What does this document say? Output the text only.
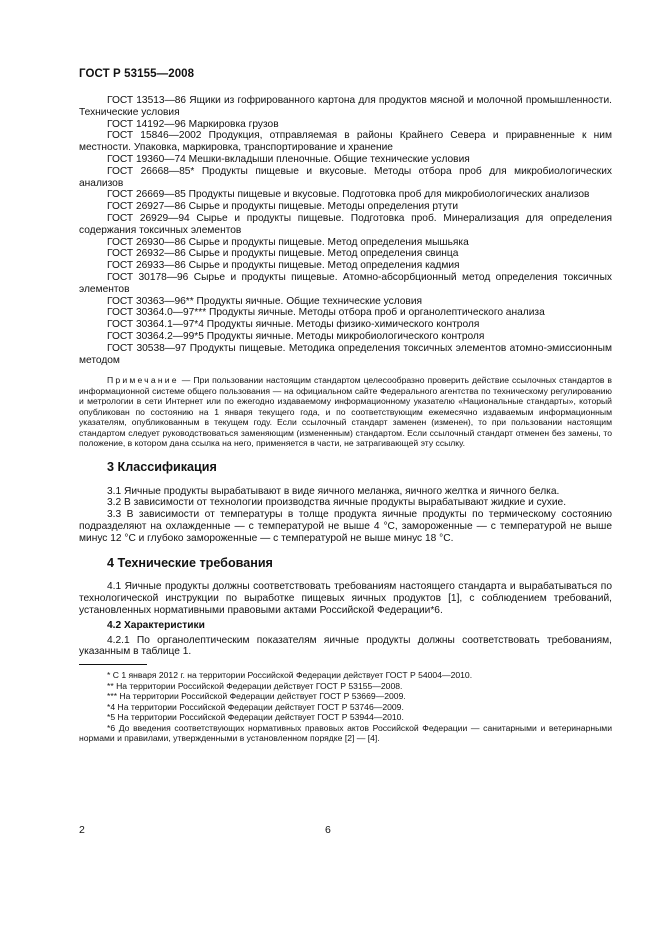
ГОСТ Р 53155—2008

ГОСТ 13513—86 Ящики из гофрированного картона для продуктов мясной и молочной промышленности. Технические условия

ГОСТ 14192—96 Маркировка грузов

ГОСТ 15846—2002 Продукция, отправляемая в районы Крайнего Севера и приравненные к ним местности. Упаковка, маркировка, транспортирование и хранение

ГОСТ 19360—74 Мешки-вкладыши пленочные. Общие технические условия

ГОСТ 26668—85* Продукты пищевые и вкусовые. Методы отбора проб для микробиологических анализов

ГОСТ 26669—85 Продукты пищевые и вкусовые. Подготовка проб для микробиологических анализов

ГОСТ 26927—86 Сырье и продукты пищевые. Методы определения ртути

ГОСТ 26929—94 Сырье и продукты пищевые. Подготовка проб. Минерализация для определения содержания токсичных элементов

ГОСТ 26930—86 Сырье и продукты пищевые. Метод определения мышьяка

ГОСТ 26932—86 Сырье и продукты пищевые. Метод определения свинца

ГОСТ 26933—86 Сырье и продукты пищевые. Метод определения кадмия

ГОСТ 30178—96 Сырье и продукты пищевые. Атомно-абсорбционный метод определения токсичных элементов

ГОСТ 30363—96** Продукты яичные. Общие технические условия

ГОСТ 30364.0—97*** Продукты яичные. Методы отбора проб и органолептического анализа

ГОСТ 30364.1—97*4 Продукты яичные. Методы физико-химического контроля

ГОСТ 30364.2—99*5 Продукты яичные. Методы микробиологического контроля

ГОСТ 30538—97 Продукты пищевые. Методика определения токсичных элементов атомно-эмиссионным методом

Примечание — При пользовании настоящим стандартом целесообразно проверить действие ссылочных стандартов в информационной системе общего пользования — на официальном сайте Федерального агентства по техническому регулированию и метрологии в сети Интернет или по ежегодно издаваемому информационному указателю «Национальные стандарты», который опубликован по состоянию на 1 января текущего года, и по соответствующим ежемесячно издаваемым информационным указателям, опубликованным в текущем году. Если ссылочный стандарт заменен (изменен), то при пользовании настоящим стандартом следует руководствоваться заменяющим (измененным) стандартом. Если ссылочный стандарт отменен без замены, то положение, в котором дана ссылка на него, применяется в части, не затрагивающей эту ссылку.

3 Классификация

3.1 Яичные продукты вырабатывают в виде яичного меланжа, яичного желтка и яичного белка.

3.2 В зависимости от технологии производства яичные продукты вырабатывают жидкие и сухие.

3.3 В зависимости от температуры в толще продукта яичные продукты по термическому состоянию подразделяют на охлажденные — с температурой не выше 4 °С, замороженные — с температурой не выше минус 12 °С и глубоко замороженные — с температурой не выше минус 18 °С.

4 Технические требования

4.1 Яичные продукты должны соответствовать требованиям настоящего стандарта и вырабатываться по технологической инструкции по выработке пищевых яичных продуктов [1], с соблюдением требований, установленных нормативными правовыми актами Российской Федерации*6.

4.2 Характеристики

4.2.1 По органолептическим показателям яичные продукты должны соответствовать требованиям, указанным в таблице 1.

* С 1 января 2012 г. на территории Российской Федерации действует ГОСТ Р 54004—2010.

** На территории Российской Федерации действует ГОСТ Р 53155—2008.

*** На территории Российской Федерации действует ГОСТ Р 53669—2009.

*4 На территории Российской Федерации действует ГОСТ Р 53746—2009.

*5 На территории Российской Федерации действует ГОСТ Р 53944—2010.

*6 До введения соответствующих нормативных правовых актов Российской Федерации — санитарными и ветеринарными нормами и правилами, утвержденными в установленном порядке [2] — [4].

2	6
